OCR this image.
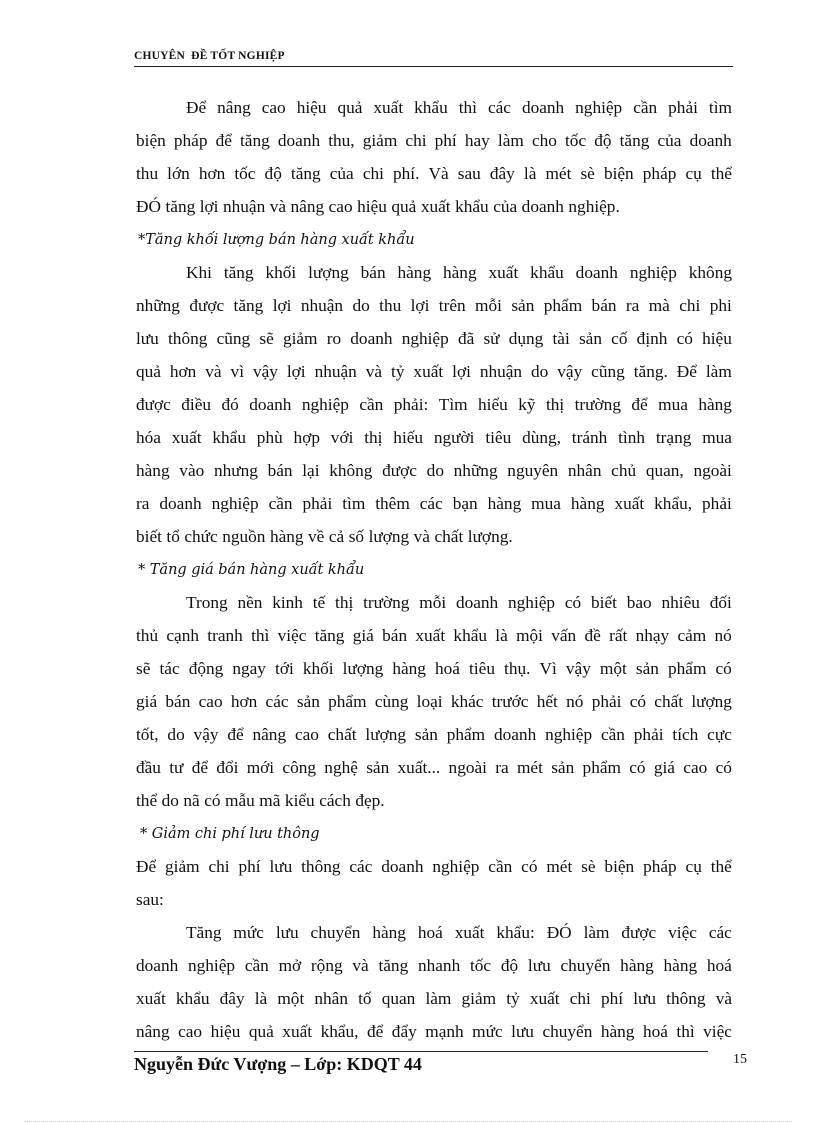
CHUYÊN  ĐỀ TỐT NGHIỆP
Để nâng cao hiệu quả xuất khẩu thì các doanh nghiệp cần phải tìm
biện pháp để tăng doanh thu, giảm chi phí hay làm cho tốc độ tăng của doanh
thu lớn hơn tốc độ tăng của chi phí. Và sau đây là mét sè biện pháp cụ thể
ĐÓ tăng lợi nhuận và nâng cao hiệu quả xuất khẩu của doanh nghiệp.
*Tăng khối lượng bán hàng xuất khẩu
Khi tăng khối lượng bán hàng hàng xuất khẩu doanh nghiệp không
những được tăng lợi nhuận do thu lợi trên mỗi sản phẩm bán ra mà chi phi
lưu thông cũng sẽ giảm ro doanh nghiệp đã sử dụng tài sản cố định có hiệu
quả hơn và vì vậy lợi nhuận và tỷ xuất lợi nhuận do vậy cũng tăng. Để làm
được điều đó doanh nghiệp cần phải: Tìm hiểu kỹ thị trường để mua hàng
hóa xuất khẩu phù hợp với thị hiếu người tiêu dùng, tránh tình trạng mua
hàng vào nhưng bán lại không được do những nguyên nhân chủ quan, ngoài
ra doanh nghiệp cần phải tìm thêm các bạn hàng mua hàng xuất khẩu, phải
biết tổ chức nguồn hàng về cả số lượng và chất lượng.
* Tăng giá bán hàng xuất khẩu
Trong nền kinh tế thị trường mỗi doanh nghiệp có biết bao nhiêu đối
thủ cạnh tranh thì việc tăng giá bán xuất khẩu là mội vấn đề rất nhạy cảm nó
sẽ tác động ngay tới khối lượng hàng hoá tiêu thụ. Vì vậy một sản phẩm có
giá bán cao hơn các sản phẩm cùng loại khác trước hết nó phải có chất lượng
tốt, do vậy để nâng cao chất lượng sản phẩm doanh nghiệp cần phải tích cực
đầu tư để đổi mới công nghệ sản xuất... ngoài ra mét sản phẩm có giá cao có
thể do nã có mẫu mã kiểu cách đẹp.
* Giảm chi phí lưu thông
Để giảm chi phí lưu thông các doanh nghiệp cần có mét sè biện pháp cụ thể
sau:
Tăng mức lưu chuyển hàng hoá xuất khẩu: ĐÓ làm được việc các
doanh nghiệp cần mở rộng và tăng nhanh tốc độ lưu chuyển hàng hàng hoá
xuất khẩu đây là một nhân tố quan làm giảm tỷ xuất chi phí lưu thông và
nâng cao hiệu quả xuất khẩu, để đẩy mạnh mức lưu chuyển hàng hoá thì việc
Nguyễn Đức Vượng – Lớp: KDQT 44	15
